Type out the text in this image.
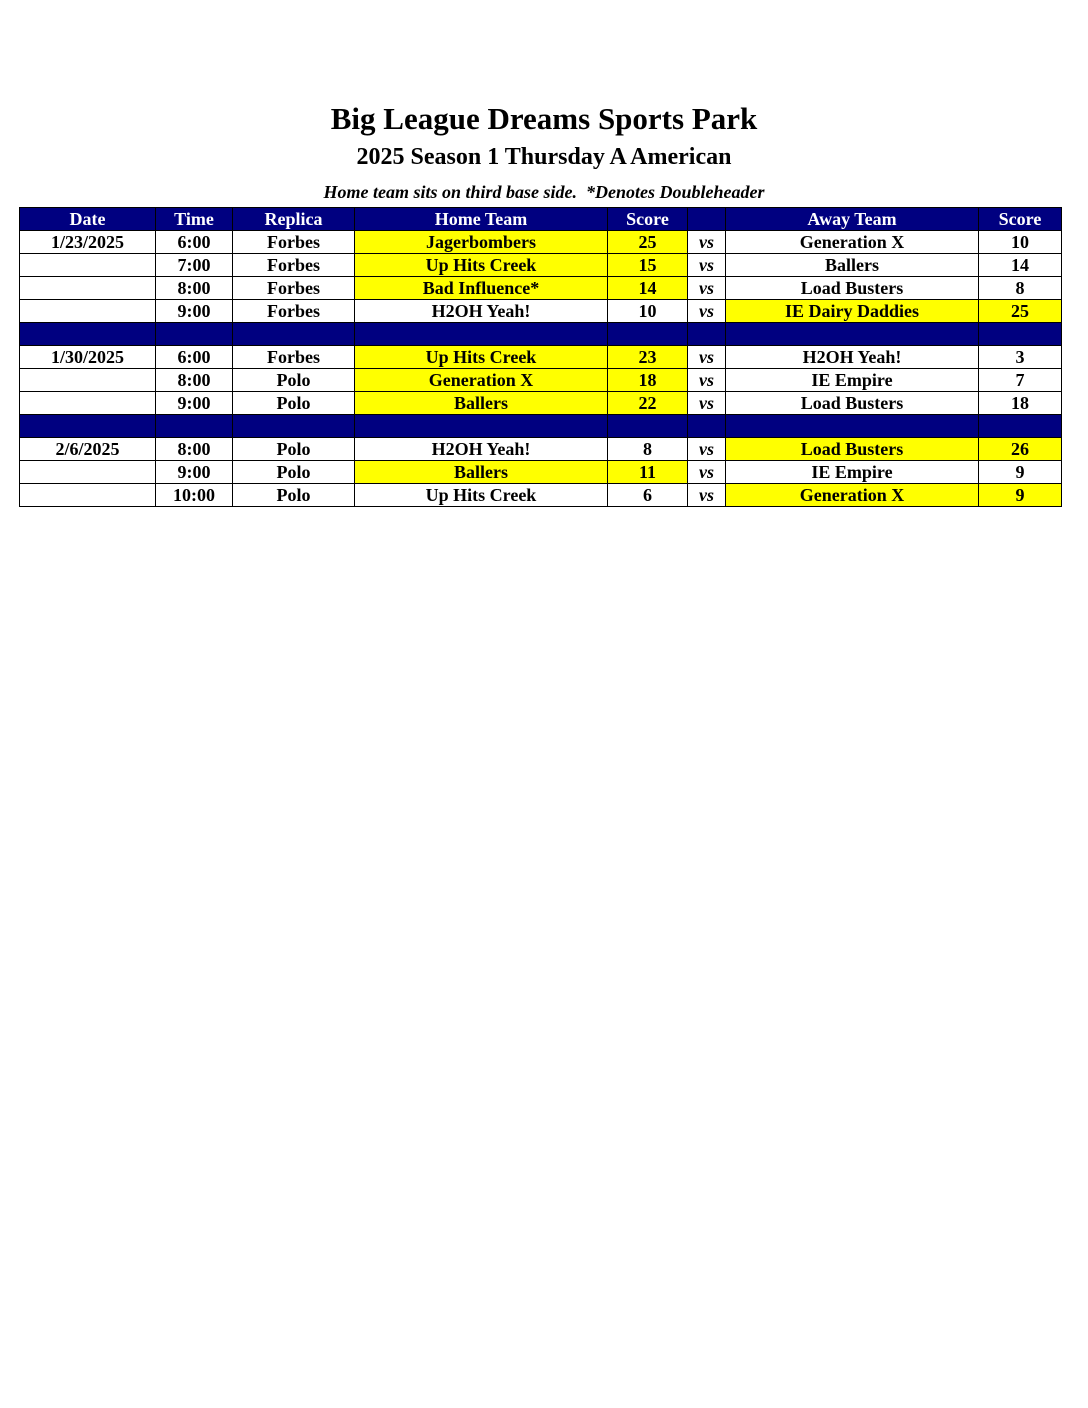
Big League Dreams Sports Park
2025 Season 1 Thursday A American
Home team sits on third base side.  *Denotes Doubleheader
Date	Time	Replica	Home Team	Score		Away Team	Score
1/23/2025	6:00	Forbes	Jagerbombers	25	vs	Generation X	10
	7:00	Forbes	Up Hits Creek	15	vs	Ballers	14
	8:00	Forbes	Bad Influence*	14	vs	Load Busters	8
	9:00	Forbes	H2OH Yeah!	10	vs	IE Dairy Daddies	25

1/30/2025	6:00	Forbes	Up Hits Creek	23	vs	H2OH Yeah!	3
	8:00	Polo	Generation X	18	vs	IE Empire	7
	9:00	Polo	Ballers	22	vs	Load Busters	18

2/6/2025	8:00	Polo	H2OH Yeah!	8	vs	Load Busters	26
	9:00	Polo	Ballers	11	vs	IE Empire	9
	10:00	Polo	Up Hits Creek	6	vs	Generation X	9
